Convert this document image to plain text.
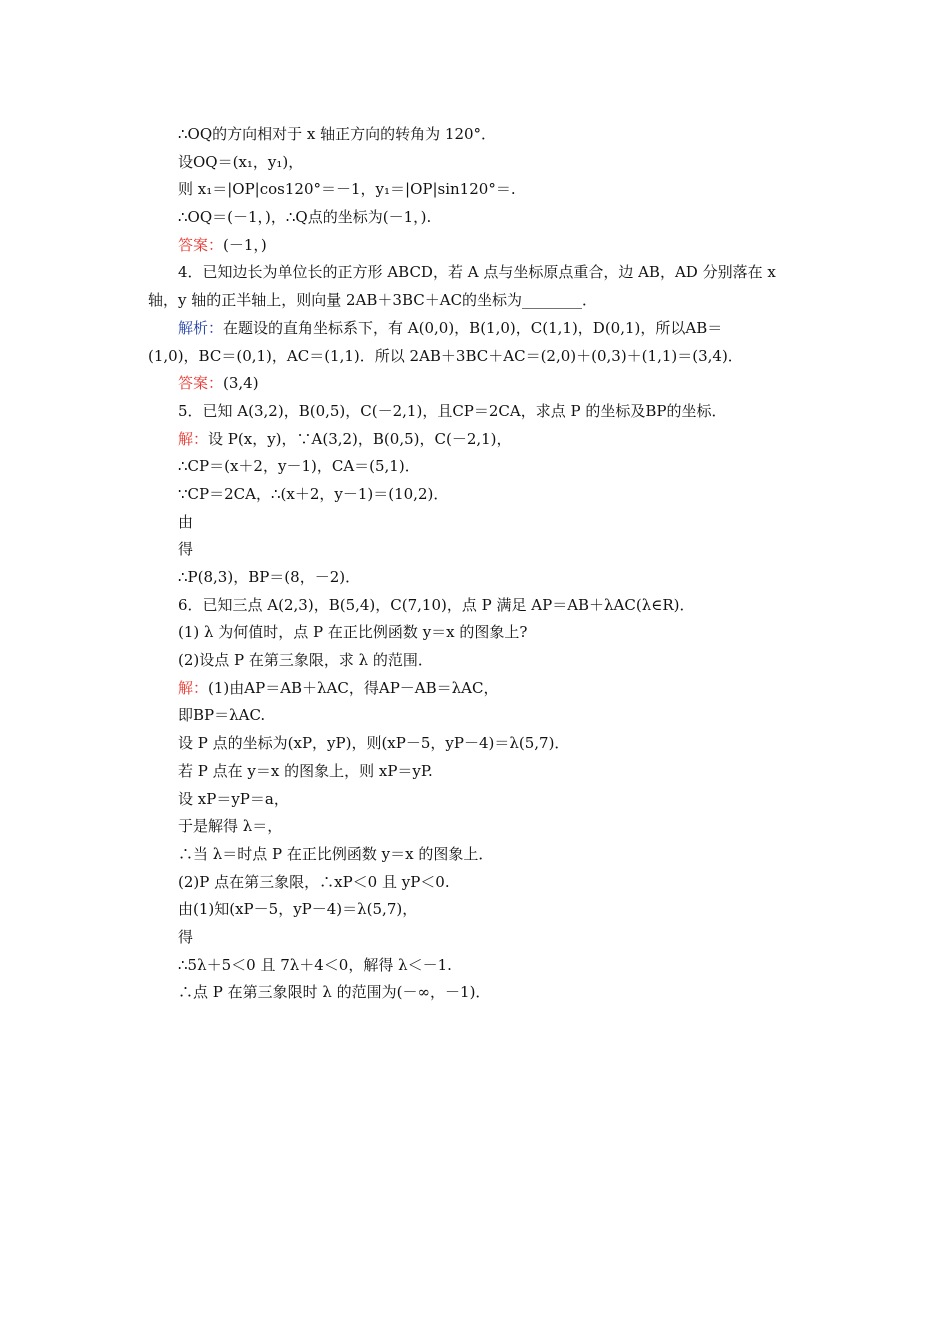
∴OQ的方向相对于 x 轴正方向的转角为 120°．
设OQ＝(x₁，y₁)，
则 x₁＝|OP|cos120°＝－1，y₁＝|OP|sin120°＝.
∴OQ＝(－1，)，∴Q点的坐标为(－1，).
答案：(－1，)
4．已知边长为单位长的正方形 ABCD，若 A 点与坐标原点重合，边 AB，AD 分别落在 x
轴，y 轴的正半轴上，则向量 2AB＋3BC＋AC的坐标为________．
解析：在题设的直角坐标系下，有 A(0,0)，B(1,0)，C(1,1)，D(0,1)，所以AB＝
(1,0)，BC＝(0,1)，AC＝(1,1)．所以 2AB＋3BC＋AC＝(2,0)＋(0,3)＋(1,1)＝(3,4)．
答案：(3,4)
5．已知 A(3,2)，B(0,5)，C(－2,1)，且CP＝2CA，求点 P 的坐标及BP的坐标．
解：设 P(x，y)，∵A(3,2)，B(0,5)，C(－2,1)，
∴CP＝(x＋2，y－1)，CA＝(5,1)．
∵CP＝2CA，∴(x＋2，y－1)＝(10,2)．
由
得
∴P(8,3)，BP＝(8，－2)．
6．已知三点 A(2,3)，B(5,4)，C(7,10)，点 P 满足 AP＝AB＋λAC(λ∈R)．
(1) λ 为何值时，点 P 在正比例函数 y＝x 的图象上?
(2)设点 P 在第三象限，求 λ 的范围．
解：(1)由AP＝AB＋λAC，得AP－AB＝λAC，
即BP＝λAC.
设 P 点的坐标为(xP，yP)，则(xP－5，yP－4)＝λ(5,7)．
若 P 点在 y＝x 的图象上，则 xP＝yP.
设 xP＝yP＝a，
于是解得 λ＝，
∴当 λ＝时点 P 在正比例函数 y＝x 的图象上．
(2)P 点在第三象限，∴xP＜0 且 yP＜0.
由(1)知(xP－5，yP－4)＝λ(5,7)，
得
∴5λ＋5＜0 且 7λ＋4＜0，解得 λ＜－1.
∴点 P 在第三象限时 λ 的范围为(－∞，－1)．
